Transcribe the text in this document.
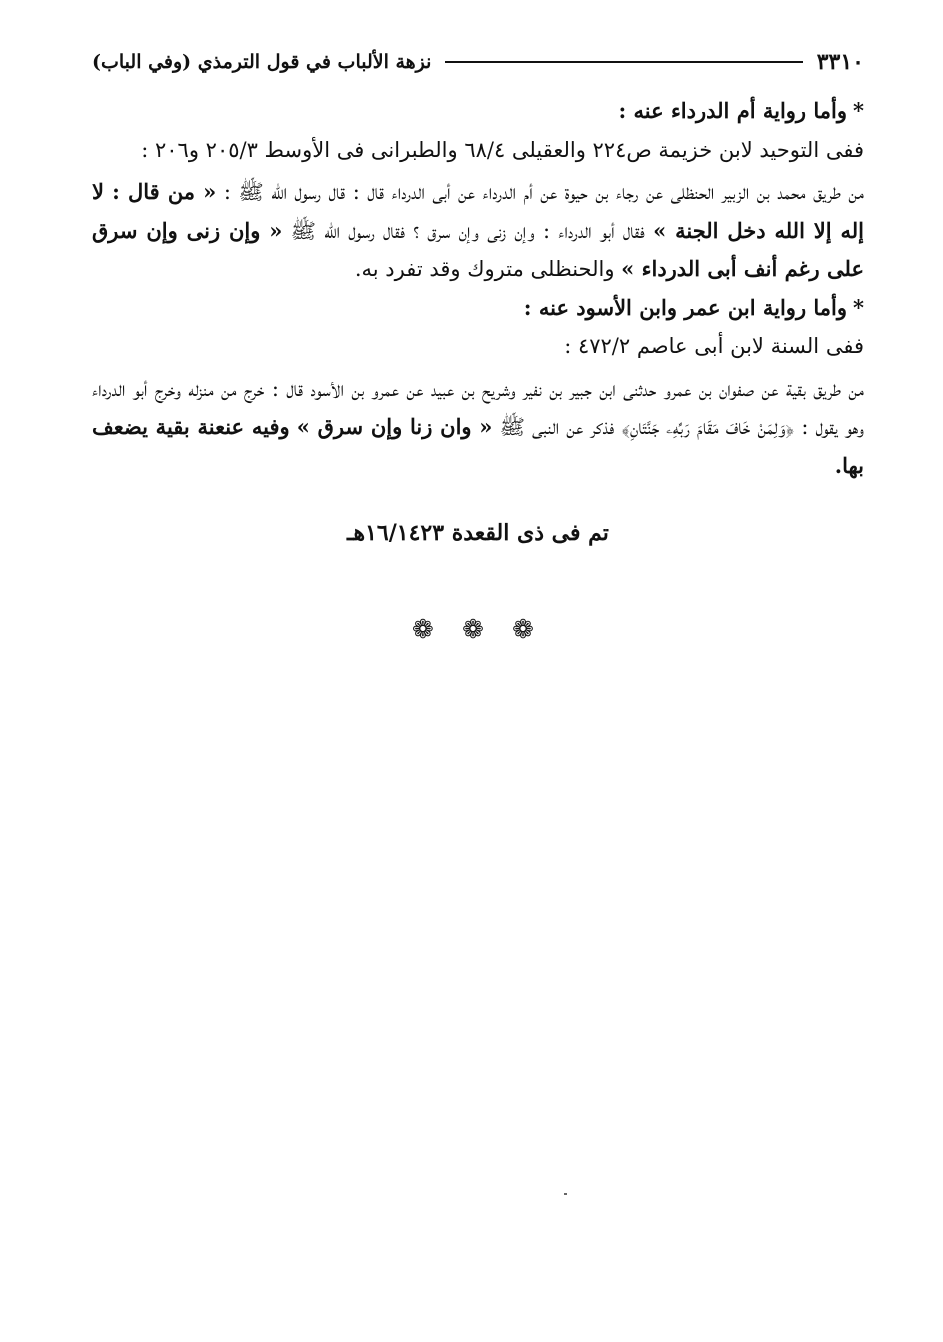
٣٣١٠
نزهة الألباب في قول الترمذي (وفي الباب)

*وأما رواية أم الدرداء عنه :

ففى التوحيد لابن خزيمة ص٢٢٤ والعقيلى ٦٨/٤ والطبرانى فى الأوسط ٢٠٥/٣ و٢٠٦ :

من طريق محمد بن الزبير الحنظلى عن رجاء بن حيوة عن أم الدرداء عن أبى الدرداء قال : قال رسول الله ﷺ : « من قال : لا إله إلا الله دخل الجنة » فقال أبو الدرداء : وإن زنى وإن سرق ؟ فقال رسول الله ﷺ « وإن زنى وإن سرق على رغم أنف أبى الدرداء » والحنظلى متروك وقد تفرد به.

*وأما رواية ابن عمر وابن الأسود عنه :

ففى السنة لابن أبى عاصم ٤٧٢/٢ :

من طريق بقية عن صفوان بن عمرو حدثنى ابن جبير بن نفير وشريح بن عبيد عن عمرو بن الأسود قال : خرج من منزله وخرج أبو الدرداء وهو يقول : ﴿وَلِمَنْ خَافَ مَقَامَ رَبِّهِۦ جَنَّتَانِ﴾ فذكر عن النبى ﷺ « وان زنا وإن سرق » وفيه عنعنة بقية يضعف بها.

تم فى ذى القعدة ١٦/١٤٢٣هـ

❁ ❁ ❁
